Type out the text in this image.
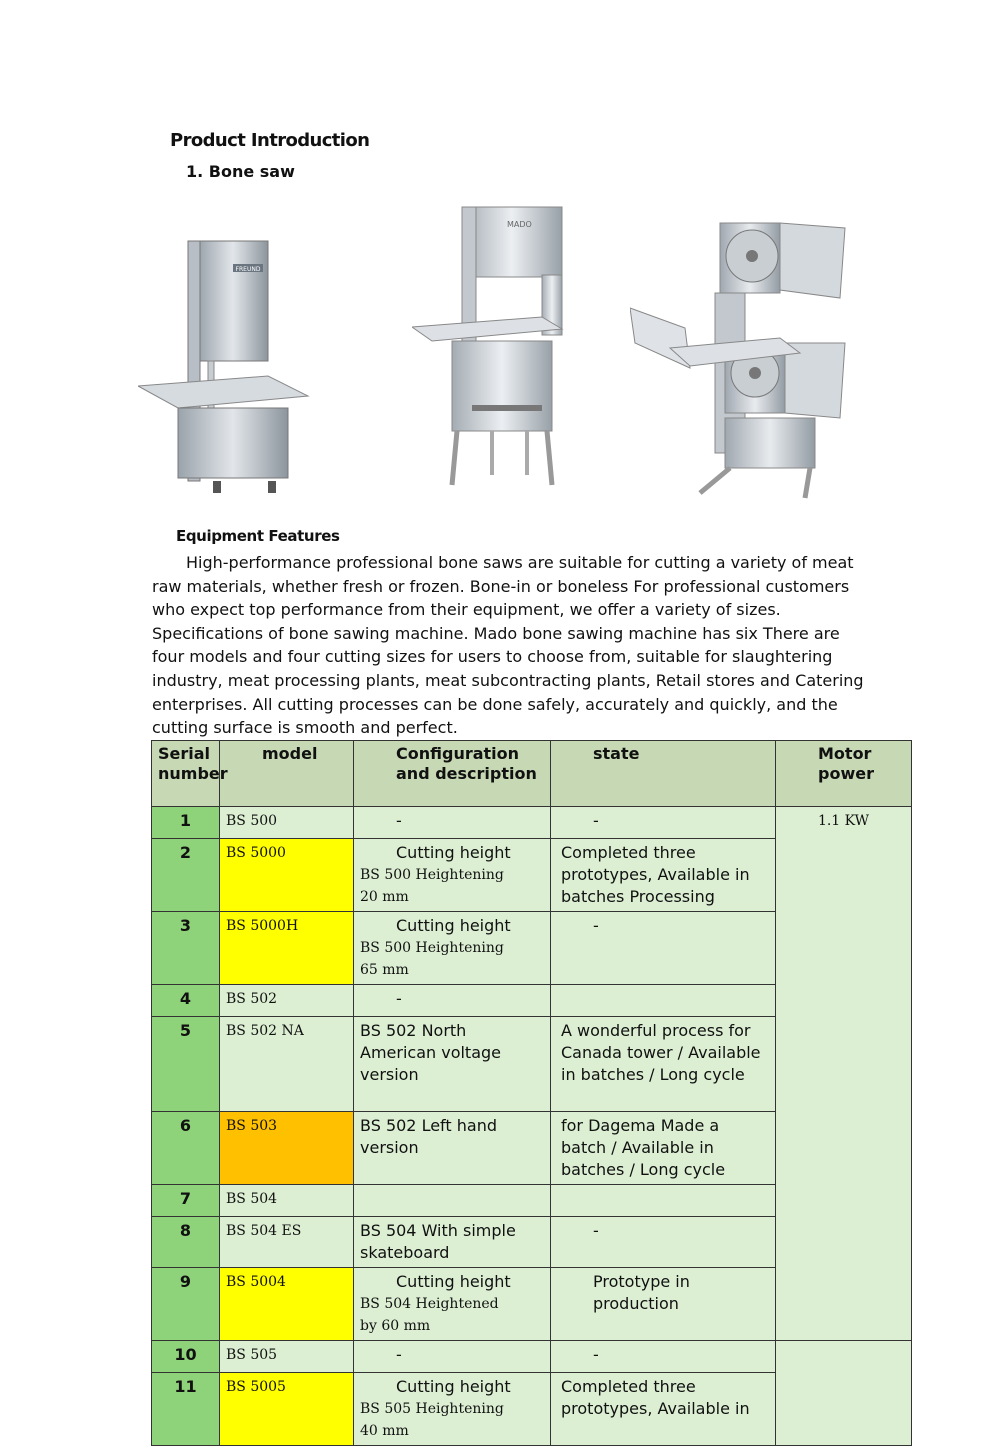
Product Introduction
1. Bone saw
FREUND
MADO
Equipment Features
High-performance professional bone saws are suitable for cutting a variety of meat raw materials, whether fresh or frozen. Bone-in or boneless For professional customers who expect top performance from their equipment, we offer a variety of sizes. Specifications of bone sawing machine. Mado bone sawing machine has six There are four models and four cutting sizes for users to choose from, suitable for slaughtering industry, meat processing plants, meat subcontracting plants, Retail stores and Catering enterprises. All cutting processes can be done safely, accurately and quickly, and the cutting surface is smooth and perfect.
Serial number	model	Configuration and description	state	Motor power
1	BS 500	-	-	1.1 KW
2	BS 5000	Cutting height
BS 500 Heightening
20 mm	Completed three prototypes, Available in batches Processing	
3	BS 5000H	Cutting height
BS 500 Heightening
65 mm	-	
4	BS 502	-		
5	BS 502 NA	BS 502 North American voltage version	A wonderful process for Canada tower / Available in batches / Long cycle	
6	BS 503	BS 502 Left hand version	for Dagema Made a batch / Available in batches / Long cycle	
7	BS 504			
8	BS 504 ES	BS 504 With simple skateboard	-	
9	BS 5004	Cutting height
BS 504 Heightened
by 60 mm	Prototype in production	
10	BS 505	-	-	
11	BS 5005	Cutting height
BS 505 Heightening
40 mm	Completed three prototypes, Available in	
